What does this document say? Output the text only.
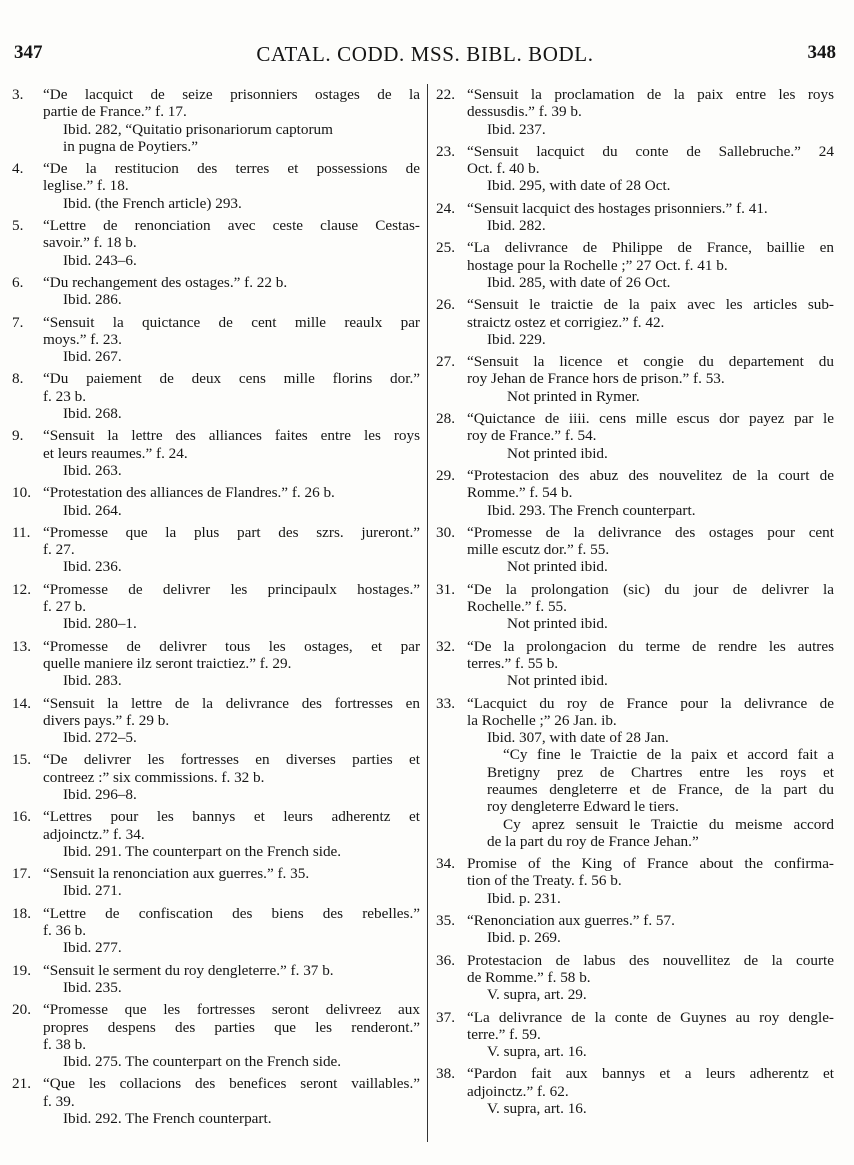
347	CATAL. CODD. MSS. BIBL. BODL.	348
3. “De lacquict de seize prisonniers ostages de la
partie de France.” f. 17.
Ibid. 282, “Quitatio prisonariorum captorum
in pugna de Poytiers.”
4. “De la restitucion des terres et possessions de
leglise.” f. 18.
Ibid. (the French article) 293.
5. “Lettre de renonciation avec ceste clause Cestas-
savoir.” f. 18 b.
Ibid. 243–6.
6. “Du rechangement des ostages.” f. 22 b.
Ibid. 286.
7. “Sensuit la quictance de cent mille reaulx par
moys.” f. 23.
Ibid. 267.
8. “Du paiement de deux cens mille florins dor.”
f. 23 b.
Ibid. 268.
9. “Sensuit la lettre des alliances faites entre les roys
et leurs reaumes.” f. 24.
Ibid. 263.
10. “Protestation des alliances de Flandres.” f. 26 b.
Ibid. 264.
11. “Promesse que la plus part des szrs. jureront.”
f. 27.
Ibid. 236.
12. “Promesse de delivrer les principaulx hostages.”
f. 27 b.
Ibid. 280–1.
13. “Promesse de delivrer tous les ostages, et par
quelle maniere ilz seront traictiez.” f. 29.
Ibid. 283.
14. “Sensuit la lettre de la delivrance des fortresses en
divers pays.” f. 29 b.
Ibid. 272–5.
15. “De delivrer les fortresses en diverses parties et
contreez :” six commissions. f. 32 b.
Ibid. 296–8.
16. “Lettres pour les bannys et leurs adherentz et
adjoinctz.” f. 34.
Ibid. 291. The counterpart on the French side.
17. “Sensuit la renonciation aux guerres.” f. 35.
Ibid. 271.
18. “Lettre de confiscation des biens des rebelles.”
f. 36 b.
Ibid. 277.
19. “Sensuit le serment du roy dengleterre.” f. 37 b.
Ibid. 235.
20. “Promesse que les fortresses seront delivreez aux
propres despens des parties que les renderont.”
f. 38 b.
Ibid. 275. The counterpart on the French side.
21. “Que les collacions des benefices seront vaillables.”
f. 39.
Ibid. 292. The French counterpart.
22. “Sensuit la proclamation de la paix entre les roys
dessusdis.” f. 39 b.
Ibid. 237.
23. “Sensuit lacquict du conte de Sallebruche.” 24
Oct. f. 40 b.
Ibid. 295, with date of 28 Oct.
24. “Sensuit lacquict des hostages prisonniers.” f. 41.
Ibid. 282.
25. “La delivrance de Philippe de France, baillie en
hostage pour la Rochelle ;” 27 Oct. f. 41 b.
Ibid. 285, with date of 26 Oct.
26. “Sensuit le traictie de la paix avec les articles sub-
straictz ostez et corrigiez.” f. 42.
Ibid. 229.
27. “Sensuit la licence et congie du departement du
roy Jehan de France hors de prison.” f. 53.
Not printed in Rymer.
28. “Quictance de iiii. cens mille escus dor payez par le
roy de France.” f. 54.
Not printed ibid.
29. “Protestacion des abuz des nouvelitez de la court de
Romme.” f. 54 b.
Ibid. 293. The French counterpart.
30. “Promesse de la delivrance des ostages pour cent
mille escutz dor.” f. 55.
Not printed ibid.
31. “De la prolongation (sic) du jour de delivrer la
Rochelle.” f. 55.
Not printed ibid.
32. “De la prolongacion du terme de rendre les autres
terres.” f. 55 b.
Not printed ibid.
33. “Lacquict du roy de France pour la delivrance de
la Rochelle ;” 26 Jan. ib.
Ibid. 307, with date of 28 Jan.
“Cy fine le Traictie de la paix et accord fait a
Bretigny prez de Chartres entre les roys et
reaumes dengleterre et de France, de la part du
roy dengleterre Edward le tiers.
Cy aprez sensuit le Traictie du meisme accord
de la part du roy de France Jehan.”
34. Promise of the King of France about the confirma-
tion of the Treaty. f. 56 b.
Ibid. p. 231.
35. “Renonciation aux guerres.” f. 57.
Ibid. p. 269.
36. Protestacion de labus des nouvellitez de la courte
de Romme.” f. 58 b.
V. supra, art. 29.
37. “La delivrance de la conte de Guynes au roy dengle-
terre.” f. 59.
V. supra, art. 16.
38. “Pardon fait aux bannys et a leurs adherentz et
adjoinctz.” f. 62.
V. supra, art. 16.
